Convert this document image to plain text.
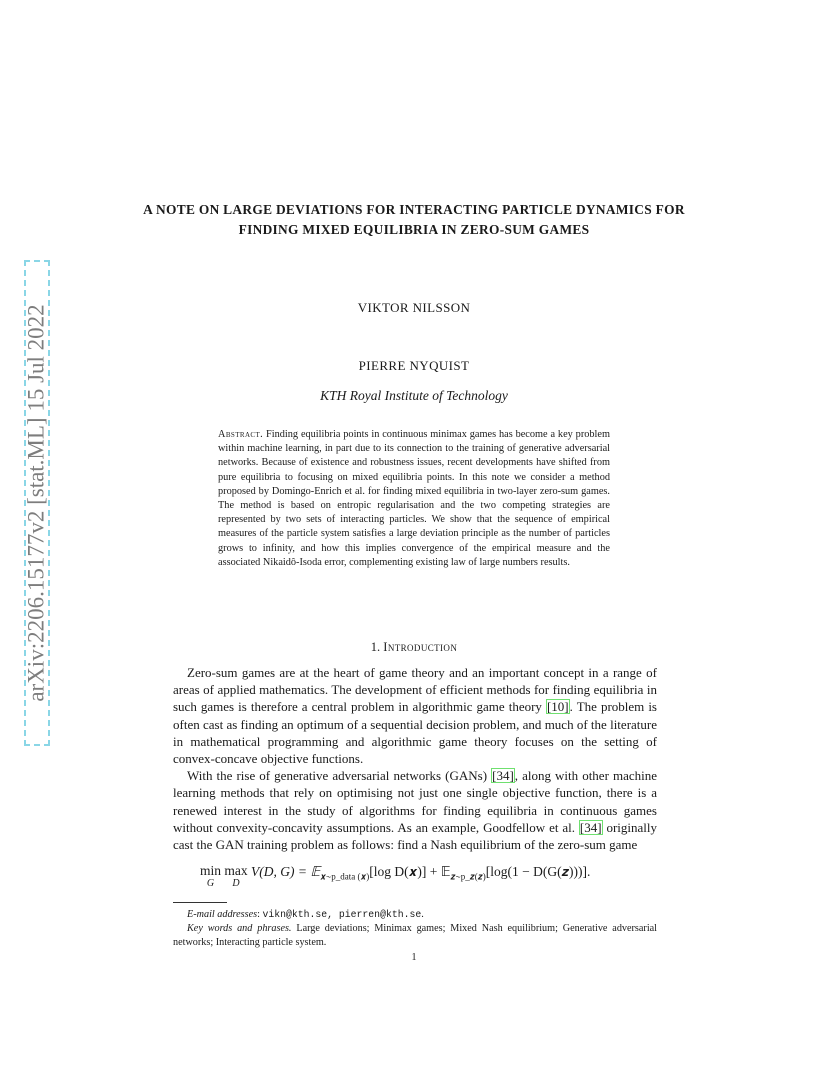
arXiv:2206.15177v2 [stat.ML] 15 Jul 2022
A NOTE ON LARGE DEVIATIONS FOR INTERACTING PARTICLE DYNAMICS FOR FINDING MIXED EQUILIBRIA IN ZERO-SUM GAMES
VIKTOR NILSSON
PIERRE NYQUIST
KTH Royal Institute of Technology
Abstract. Finding equilibria points in continuous minimax games has become a key problem within machine learning, in part due to its connection to the training of generative adversarial networks. Because of existence and robustness issues, recent developments have shifted from pure equilibria to focusing on mixed equilibria points. In this note we consider a method proposed by Domingo-Enrich et al. for finding mixed equilibria in two-layer zero-sum games. The method is based on entropic regularisation and the two competing strategies are represented by two sets of interacting particles. We show that the sequence of empirical measures of the particle system satisfies a large deviation principle as the number of particles grows to infinity, and how this implies convergence of the empirical measure and the associated Nikaidô-Isoda error, complementing existing law of large numbers results.
1. Introduction

Zero-sum games are at the heart of game theory and an important concept in a range of areas of applied mathematics. The development of efficient methods for finding equilibria in such games is therefore a central problem in algorithmic game theory [10]. The problem is often cast as finding an optimum of a sequential decision problem, and much of the literature in mathematical programming and algorithmic game theory focuses on the setting of convex-concave objective functions.

With the rise of generative adversarial networks (GANs) [34], along with other machine learning methods that rely on optimising not just one single objective function, there is a renewed interest in the study of algorithms for finding equilibria in continuous games without convexity-concavity assumptions. As an example, Goodfellow et al. [34] originally cast the GAN training problem as follows: find a Nash equilibrium of the zero-sum game

min
G
max
D
V(D, G) = 𝔼$_{𝒙\sim p\_data (𝒙)}$[log D(𝒙)] + 𝔼$_{𝒛\sim p\_𝒛(𝒛)}$[log(1 − D(G(𝒛)))].

E-mail addresses: vikn@kth.se, pierren@kth.se.

Key words and phrases. Large deviations; Minimax games; Mixed Nash equilibrium; Generative adversarial networks; Interacting particle system.

1
